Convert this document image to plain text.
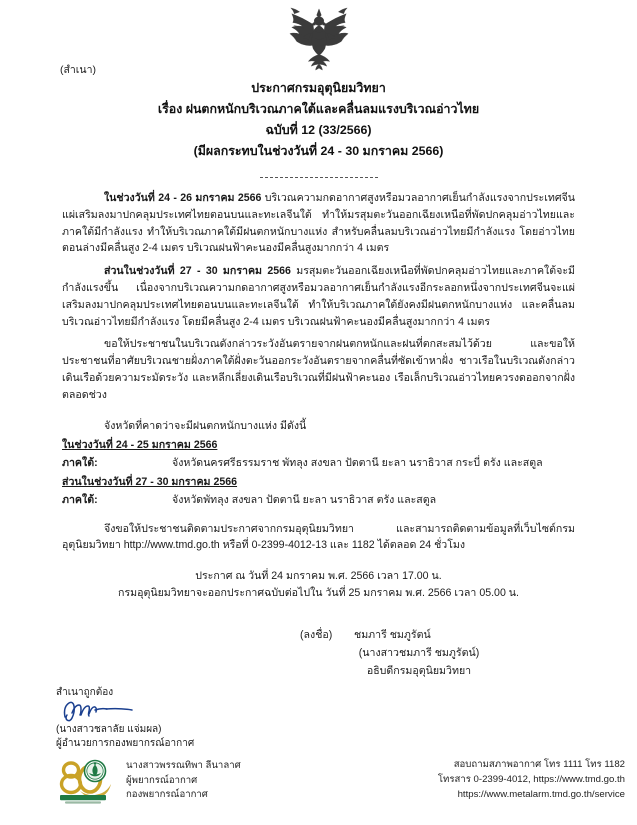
(สำเนา)
ประกาศกรมอุตุนิยมวิทยา
เรื่อง ฝนตกหนักบริเวณภาคใต้และคลื่นลมแรงบริเวณอ่าวไทย
ฉบับที่ 12 (33/2566)
(มีผลกระทบในช่วงวันที่ 24 - 30 มกราคม 2566)

ในช่วงวันที่ 24 - 26 มกราคม 2566 บริเวณความกดอากาศสูงหรือมวลอากาศเย็นกำลังแรงจากประเทศจีนแผ่เสริมลงมาปกคลุมประเทศไทยตอนบนและทะเลจีนใต้ ทำให้มรสุมตะวันออกเฉียงเหนือที่พัดปกคลุมอ่าวไทยและภาคใต้มีกำลังแรง ทำให้บริเวณภาคใต้มีฝนตกหนักบางแห่ง สำหรับคลื่นลมบริเวณอ่าวไทยมีกำลังแรง โดยอ่าวไทยตอนล่างมีคลื่นสูง 2-4 เมตร บริเวณฝนฟ้าคะนองมีคลื่นสูงมากกว่า 4 เมตร

ส่วนในช่วงวันที่ 27 - 30 มกราคม 2566 มรสุมตะวันออกเฉียงเหนือที่พัดปกคลุมอ่าวไทยและภาคใต้จะมีกำลังแรงขึ้น เนื่องจากบริเวณความกดอากาศสูงหรือมวลอากาศเย็นกำลังแรงอีกระลอกหนึ่งจากประเทศจีนจะแผ่เสริมลงมาปกคลุมประเทศไทยตอนบนและทะเลจีนใต้ ทำให้บริเวณภาคใต้ยังคงมีฝนตกหนักบางแห่ง และคลื่นลมบริเวณอ่าวไทยมีกำลังแรง โดยมีคลื่นสูง 2-4 เมตร บริเวณฝนฟ้าคะนองมีคลื่นสูงมากกว่า 4 เมตร

ขอให้ประชาชนในบริเวณดังกล่าวระวังอันตรายจากฝนตกหนักและฝนที่ตกสะสมไว้ด้วย และขอให้ประชาชนที่อาศัยบริเวณชายฝั่งภาคใต้ฝั่งตะวันออกระวังอันตรายจากคลื่นที่ซัดเข้าหาฝั่ง ชาวเรือในบริเวณดังกล่าวเดินเรือด้วยความระมัดระวัง และหลีกเลี่ยงเดินเรือบริเวณที่มีฝนฟ้าคะนอง เรือเล็กบริเวณอ่าวไทยควรงดออกจากฝั่งตลอดช่วง

จังหวัดที่คาดว่าจะมีฝนตกหนักบางแห่ง มีดังนี้

ในช่วงวันที่ 24 - 25 มกราคม 2566
ภาคใต้:	จังหวัดนครศรีธรรมราช พัทลุง สงขลา ปัตตานี ยะลา นราธิวาส กระบี่ ตรัง และสตูล
ส่วนในช่วงวันที่ 27 - 30 มกราคม 2566
ภาคใต้:	จังหวัดพัทลุง สงขลา ปัตตานี ยะลา นราธิวาส ตรัง และสตูล

จึงขอให้ประชาชนติดตามประกาศจากกรมอุตุนิยมวิทยา และสามารถติดตามข้อมูลที่เว็บไซต์กรมอุตุนิยมวิทยา http://www.tmd.go.th หรือที่ 0-2399-4012-13 และ 1182 ได้ตลอด 24 ชั่วโมง

ประกาศ ณ วันที่ 24 มกราคม พ.ศ. 2566 เวลา 17.00 น.

กรมอุตุนิยมวิทยาจะออกประกาศฉบับต่อไปใน วันที่ 25 มกราคม พ.ศ. 2566 เวลา 05.00 น.

(ลงชื่อ) ชมภารี ชมภูรัตน์
(นางสาวชมภารี ชมภูรัตน์)
อธิบดีกรมอุตุนิยมวิทยา
สำเนาถูกต้อง
(นางสาวชลาลัย แจ่มผล)
ผู้อำนวยการกองพยากรณ์อากาศ
นางสาวพรรณทิพา ลีนาลาศ
ผู้พยากรณ์อากาศ
กองพยากรณ์อากาศ
สอบถามสภาพอากาศ โทร 1111 โทร 1182
โทรสาร 0-2399-4012, https://www.tmd.go.th
https://www.metalarm.tmd.go.th/service
